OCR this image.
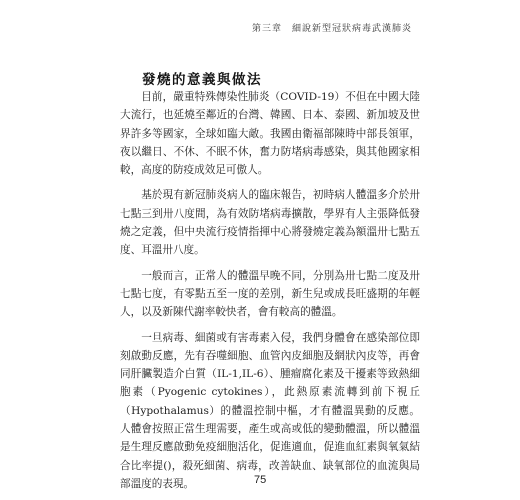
第三章 細說新型冠狀病毒武漢肺炎
發燒的意義與做法

目前，嚴重特殊傳染性肺炎（COVID-19）不但在中國大陸大流行，也延燒至鄰近的台灣、韓國、日本、泰國、新加坡及世界許多等國家，全球如臨大敵。我國由衛福部陳時中部長領軍，夜以繼日、不休、不眠不休，奮力防堵病毒感染，與其他國家相較，高度的防疫成效足可傲人。

基於現有新冠肺炎病人的臨床報告，初時病人體溫多介於卅七點三到卅八度間，為有效防堵病毒擴散，學界有人主張降低發燒之定義，但中央流行疫情指揮中心將發燒定義為額溫卅七點五度、耳溫卅八度。

一般而言，正常人的體溫早晚不同，分別為卅七點二度及卅七點七度，有零點五至一度的差別，新生兒或成長旺盛期的年輕人，以及新陳代謝率較快者，會有較高的體溫。

一旦病毒、細菌或有害毒素入侵，我們身體會在感染部位即刻啟動反應，先有吞噬細胞、血管內皮細胞及網狀內皮等，再會同肝臟製造介白質（IL-1,IL-6）、腫瘤腐化素及干擾素等致熱細胞素（Pyogenic cytokines），此熱原素流轉到前下視丘（Hypothalamus）的體溫控制中樞，才有體溫異動的反應。人體會按照正當生理需要，產生或高或低的變動體溫，所以體溫是生理反應啟動免疫細胞活化，促進適血，促進血紅素與氧氣結合比率提()，殺死細菌、病毒，改善缺血、缺氧部位的血流與局部溫度的表現。	75
